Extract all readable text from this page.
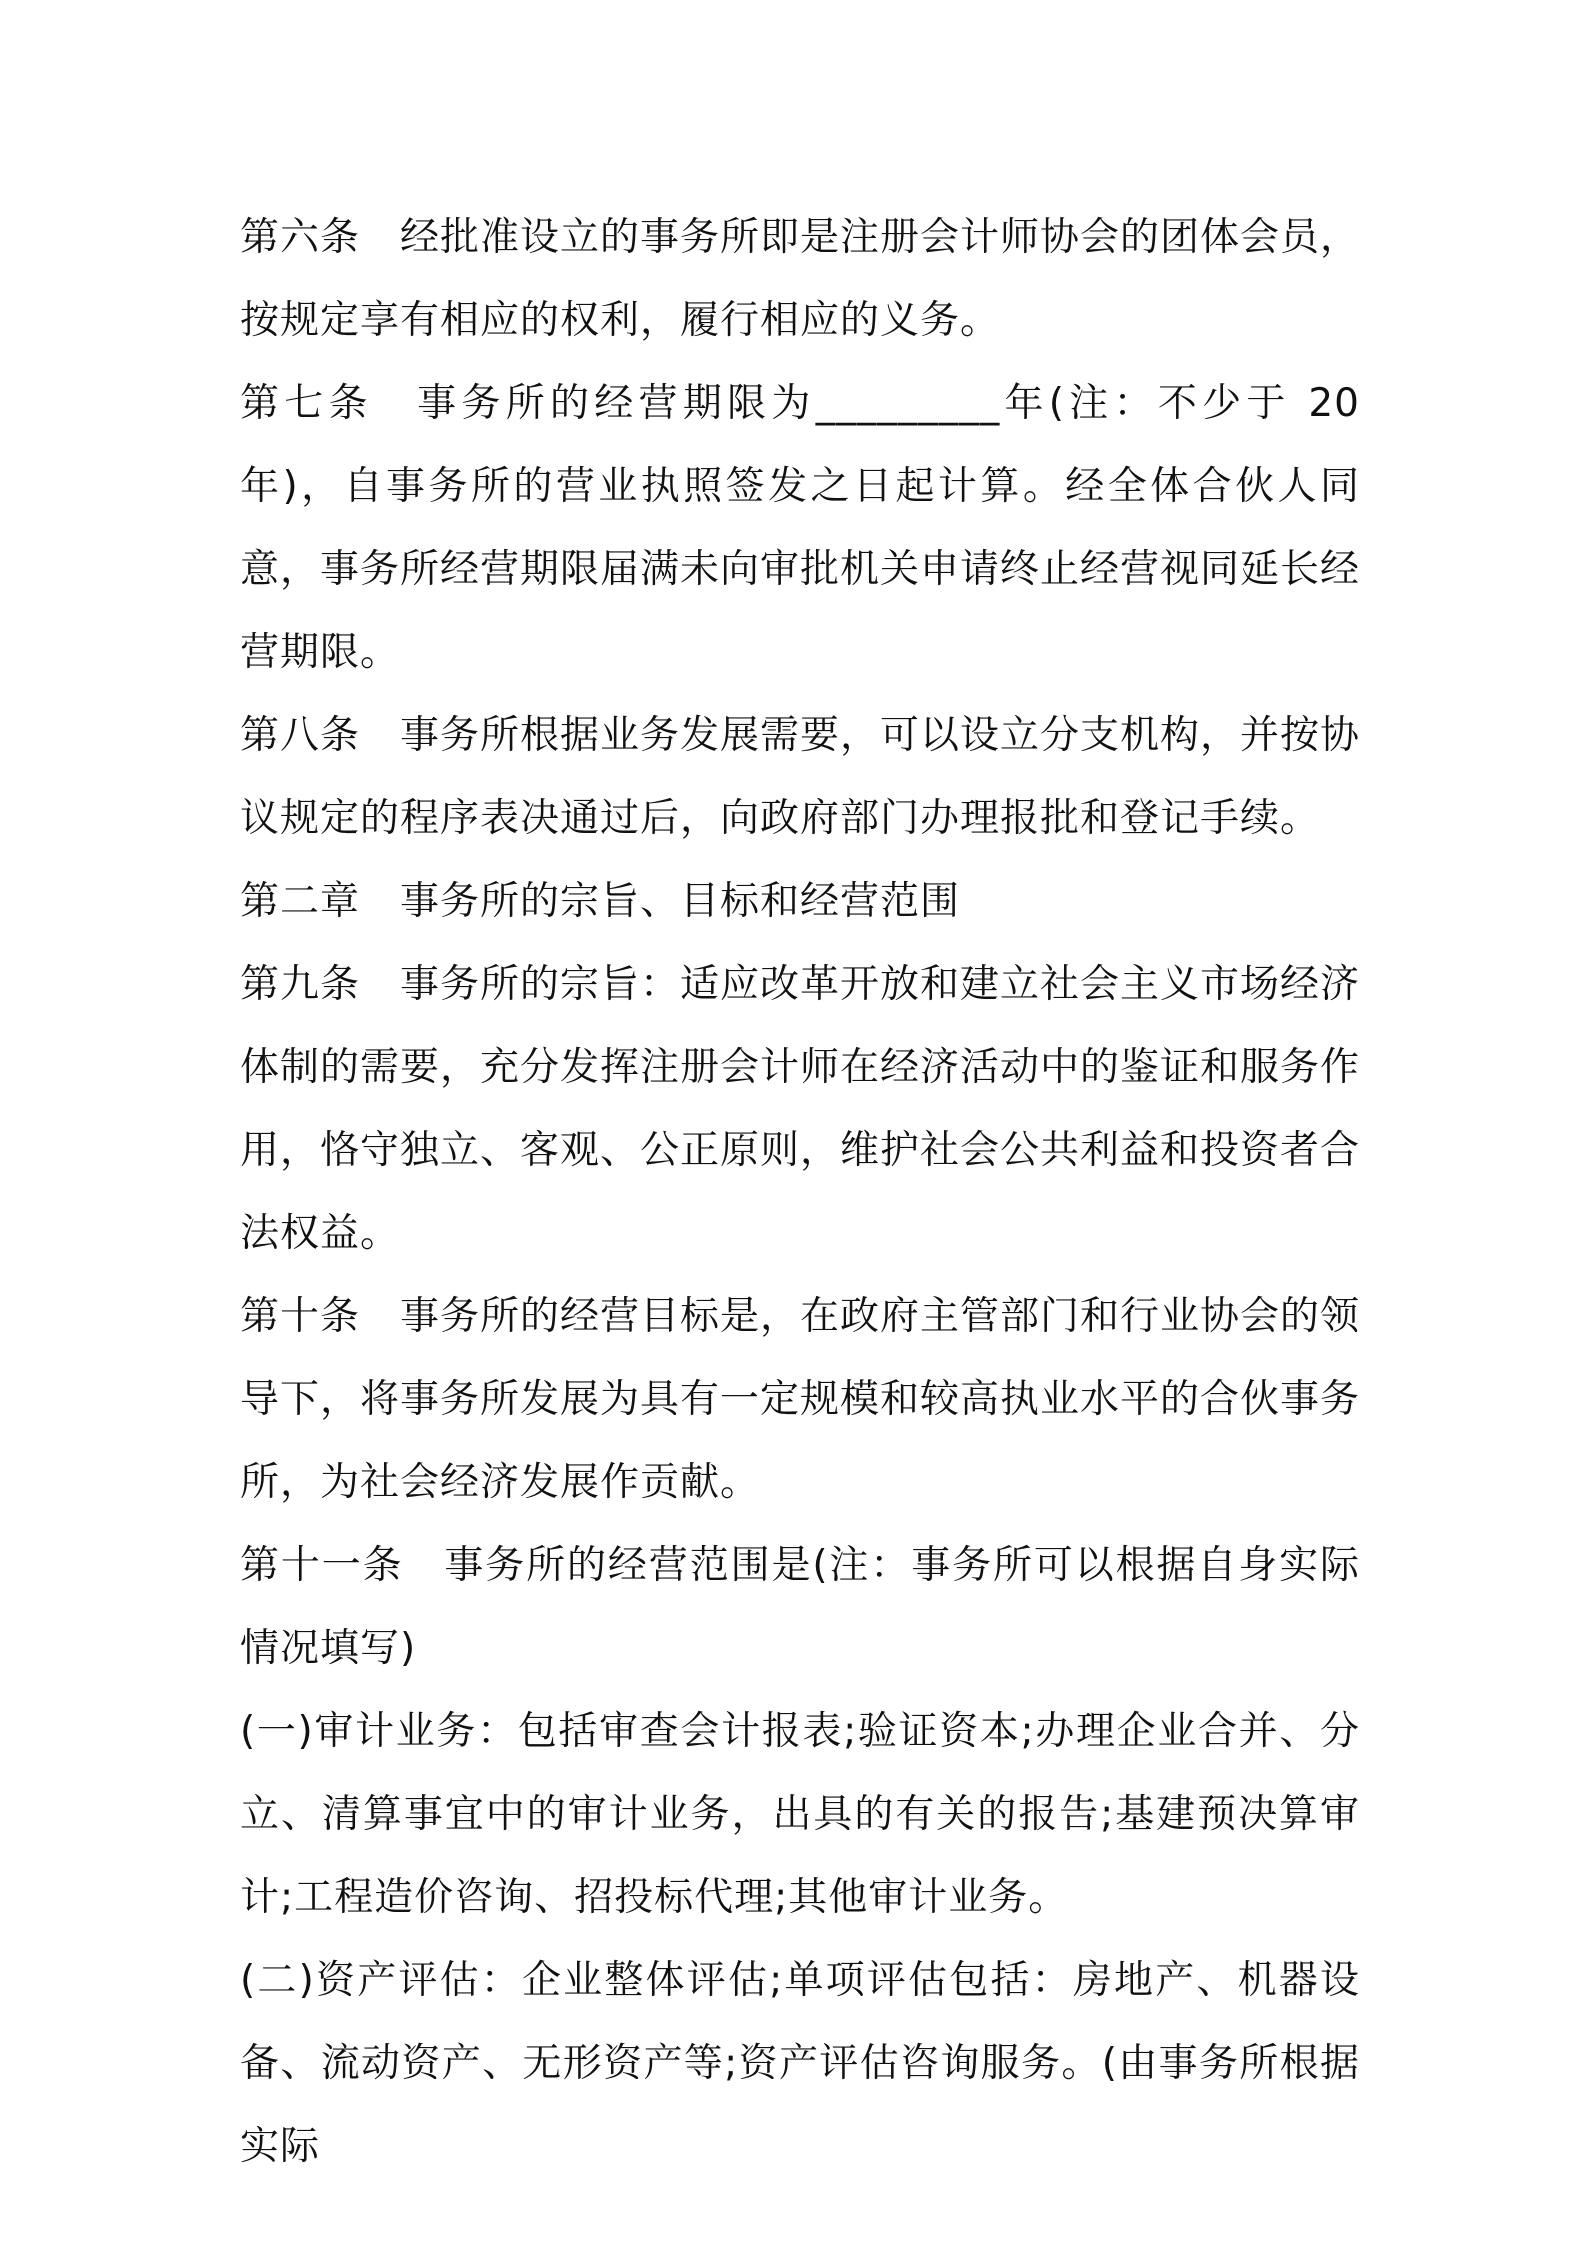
第六条　经批准设立的事务所即是注册会计师协会的团体会员，按规定享有相应的权利，履行相应的义务。

第七条　事务所的经营期限为_________年(注：不少于 20 年)，自事务所的营业执照签发之日起计算。经全体合伙人同意，事务所经营期限届满未向审批机关申请终止经营视同延长经营期限。

第八条　事务所根据业务发展需要，可以设立分支机构，并按协议规定的程序表决通过后，向政府部门办理报批和登记手续。

第二章　事务所的宗旨、目标和经营范围

第九条　事务所的宗旨：适应改革开放和建立社会主义市场经济体制的需要，充分发挥注册会计师在经济活动中的鉴证和服务作用，恪守独立、客观、公正原则，维护社会公共利益和投资者合法权益。

第十条　事务所的经营目标是，在政府主管部门和行业协会的领导下，将事务所发展为具有一定规模和较高执业水平的合伙事务所，为社会经济发展作贡献。

第十一条　事务所的经营范围是(注：事务所可以根据自身实际情况填写)

(一)审计业务：包括审查会计报表;验证资本;办理企业合并、分立、清算事宜中的审计业务，出具的有关的报告;基建预决算审计;工程造价咨询、招投标代理;其他审计业务。

(二)资产评估：企业整体评估;单项评估包括：房地产、机器设备、流动资产、无形资产等;资产评估咨询服务。(由事务所根据实际
